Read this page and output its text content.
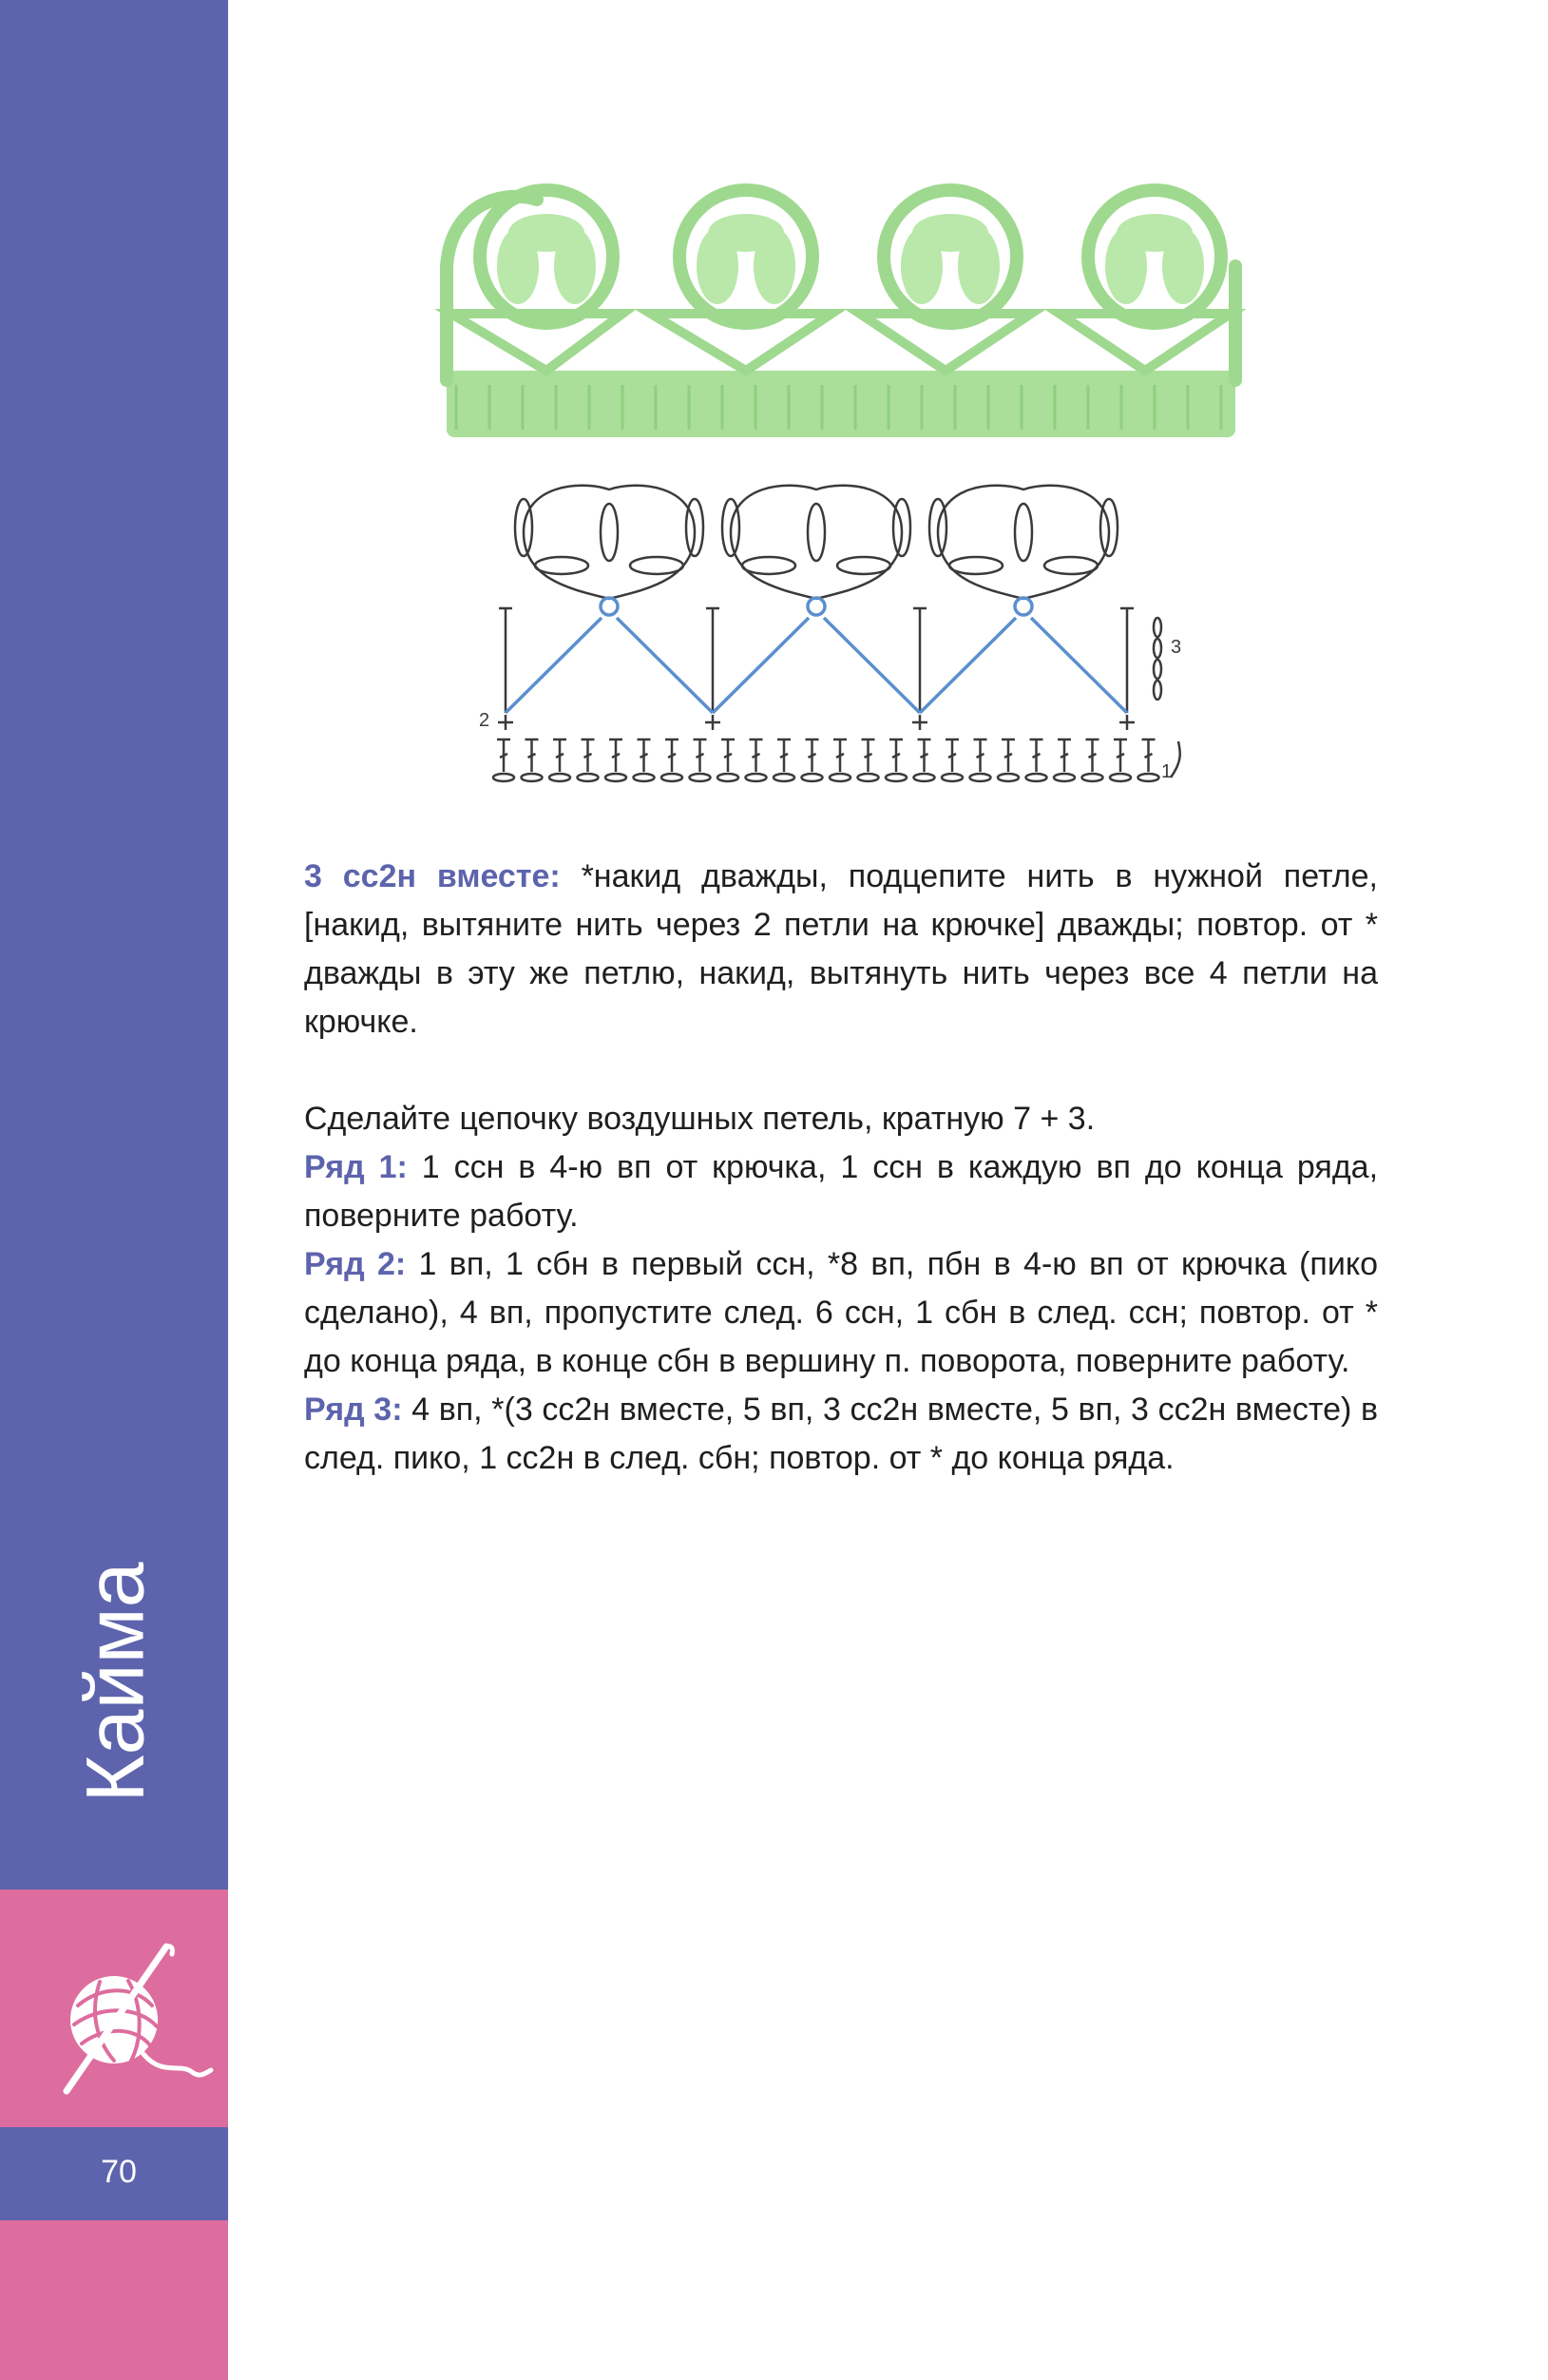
Кайма
70
2
1
3

3 сс2н вместе: *накид дважды, подцепите нить в нужной петле, [накид, вытяните нить через 2 петли на крючке] дважды; повтор. от * дважды в эту же петлю, накид, вытянуть нить через все 4 петли на крючке.

Сделайте цепочку воздушных петель, кратную 7 + 3.

Ряд 1: 1 ссн в 4-ю вп от крючка, 1 ссн в каждую вп до конца ряда, поверните работу.

Ряд 2: 1 вп, 1 сбн в первый ссн, *8 вп, пбн в 4-ю вп от крючка (пико сделано), 4 вп, пропустите след. 6 ссн, 1 сбн в след. ссн; повтор. от * до конца ряда, в конце сбн в вершину п. поворота, поверните работу.

Ряд 3: 4 вп, *(3 сс2н вместе, 5 вп, 3 сс2н вместе, 5 вп, 3 сс2н вместе) в след. пико, 1 сс2н в след. сбн; повтор. от * до конца ряда.
